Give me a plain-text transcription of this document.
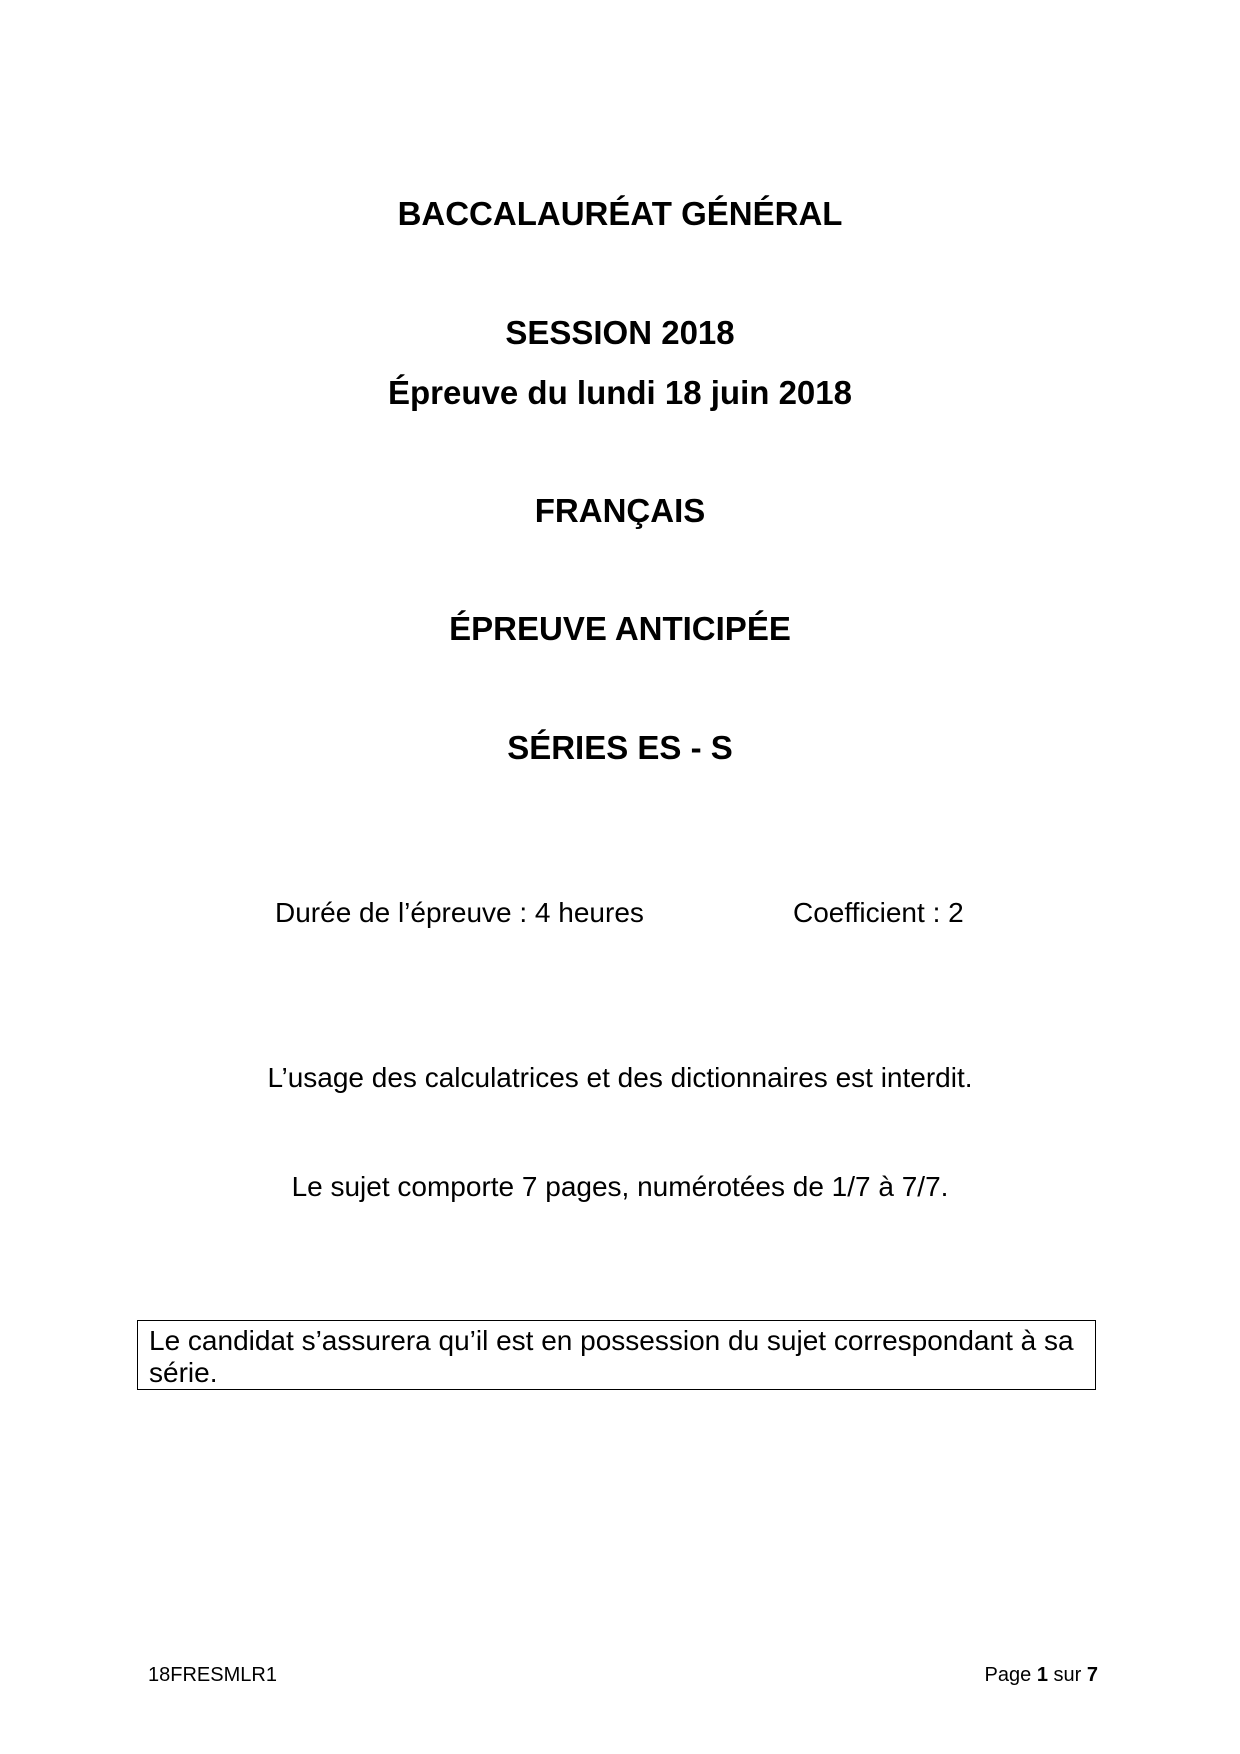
BACCALAURÉAT GÉNÉRAL
SESSION 2018
Épreuve du lundi 18 juin 2018
FRANÇAIS
ÉPREUVE ANTICIPÉE
SÉRIES ES - S
Durée de l’épreuve : 4 heures	Coefficient : 2
L’usage des calculatrices et des dictionnaires est interdit.
Le sujet comporte 7 pages, numérotées de 1/7 à 7/7.
Le candidat s’assurera qu’il est en possession du sujet correspondant à sa série.
18FRESMLR1	Page 1 sur 7
